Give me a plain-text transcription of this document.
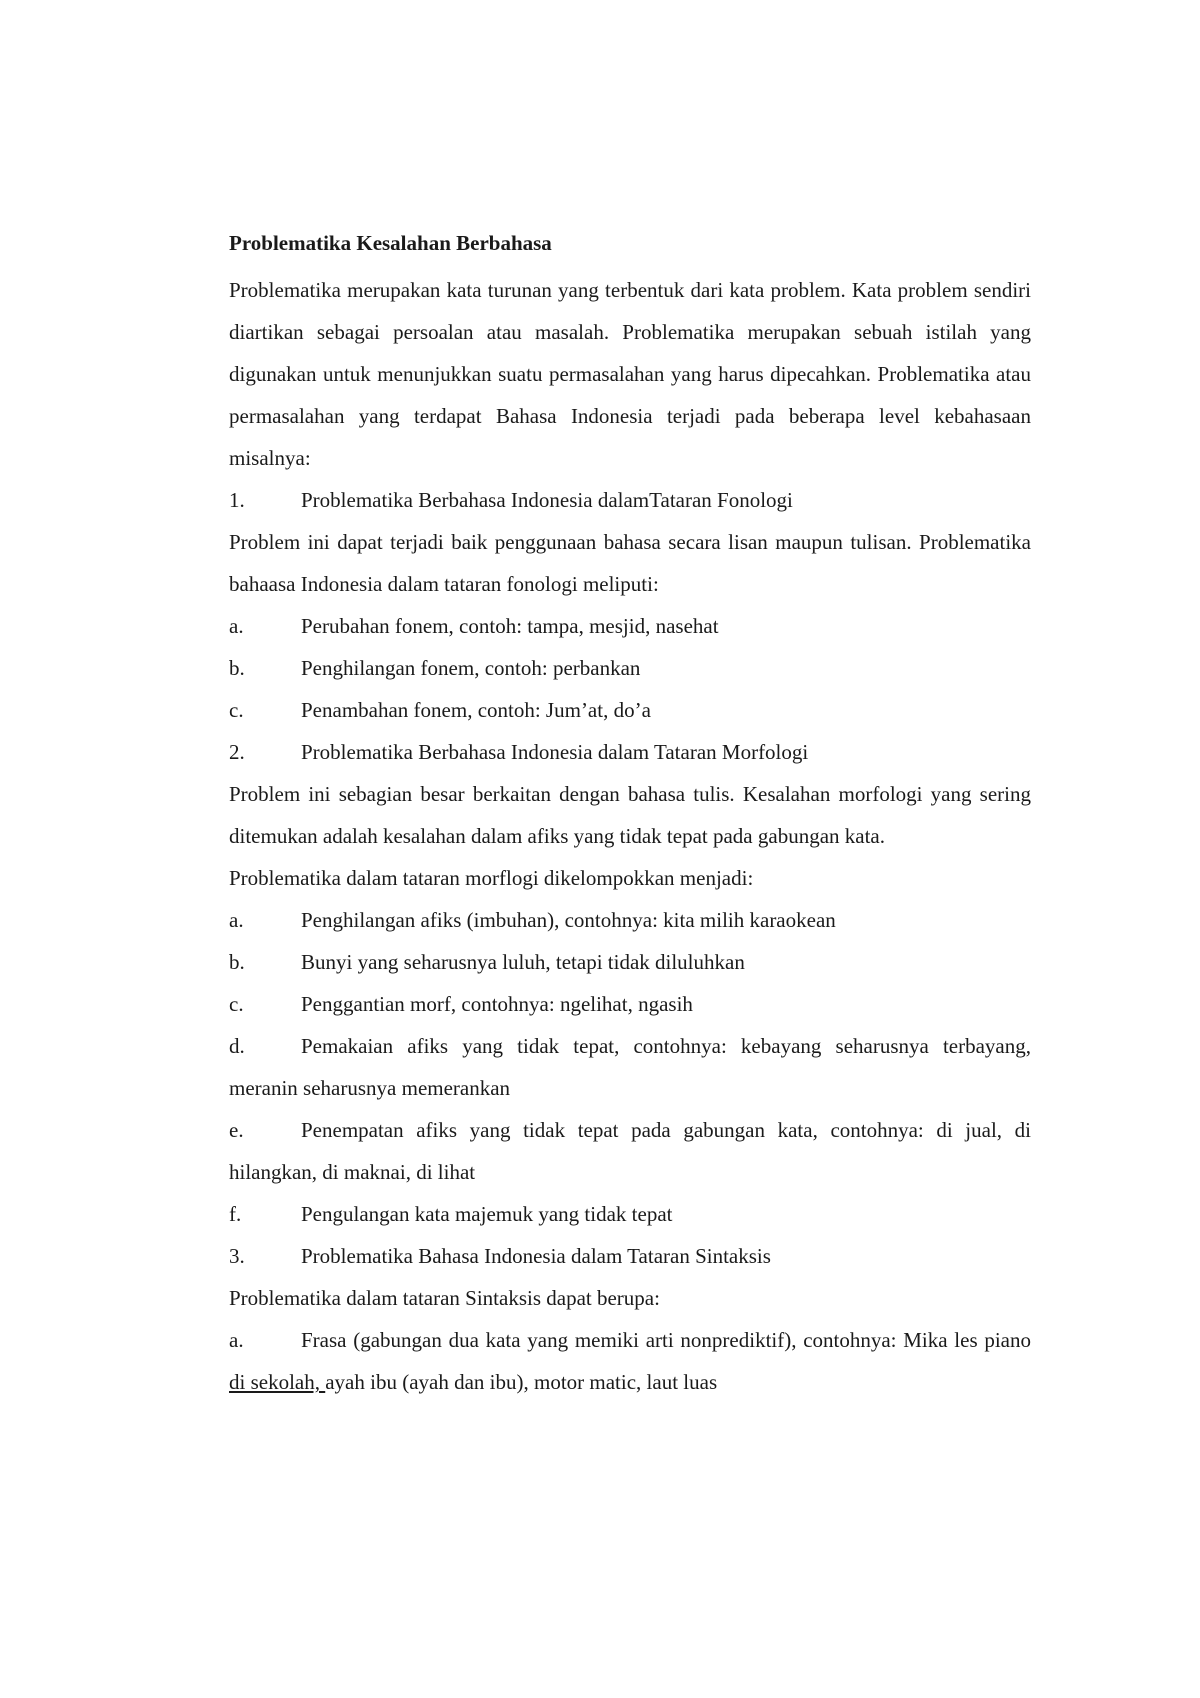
Problematika Kesalahan Berbahasa

Problematika merupakan kata turunan yang terbentuk dari kata problem. Kata problem sendiri diartikan sebagai persoalan atau masalah. Problematika merupakan sebuah istilah yang digunakan untuk menunjukkan suatu permasalahan yang harus dipecahkan. Problematika atau permasalahan yang terdapat Bahasa Indonesia terjadi pada beberapa level kebahasaan misalnya:

1.	Problematika Berbahasa Indonesia dalamTataran Fonologi

Problem ini dapat terjadi baik penggunaan bahasa secara lisan maupun tulisan. Problematika bahaasa Indonesia dalam tataran fonologi meliputi:

a.	Perubahan fonem, contoh: tampa, mesjid, nasehat
b.	Penghilangan fonem, contoh: perbankan
c.	Penambahan fonem, contoh: Jum’at, do’a
2.	Problematika Berbahasa Indonesia dalam Tataran Morfologi

Problem ini sebagian besar berkaitan dengan bahasa tulis. Kesalahan morfologi yang sering ditemukan adalah kesalahan dalam afiks yang tidak tepat pada gabungan kata.

Problematika dalam tataran morflogi dikelompokkan menjadi:

a.	Penghilangan afiks (imbuhan), contohnya: kita milih karaokean
b.	Bunyi yang seharusnya luluh, tetapi tidak diluluhkan
c.	Penggantian morf, contohnya: ngelihat, ngasih

d.	Pemakaian afiks yang tidak tepat, contohnya: kebayang seharusnya terbayang, meranin seharusnya memerankan

e.	Penempatan afiks yang tidak tepat pada gabungan kata, contohnya: di jual, di hilangkan, di maknai, di lihat

f.	Pengulangan kata majemuk yang tidak tepat
3.	Problematika Bahasa Indonesia dalam Tataran Sintaksis

Problematika dalam tataran Sintaksis dapat berupa:

a.	Frasa (gabungan dua kata yang memiki arti nonprediktif), contohnya: Mika les piano di sekolah, ayah ibu (ayah dan ibu), motor matic, laut luas
